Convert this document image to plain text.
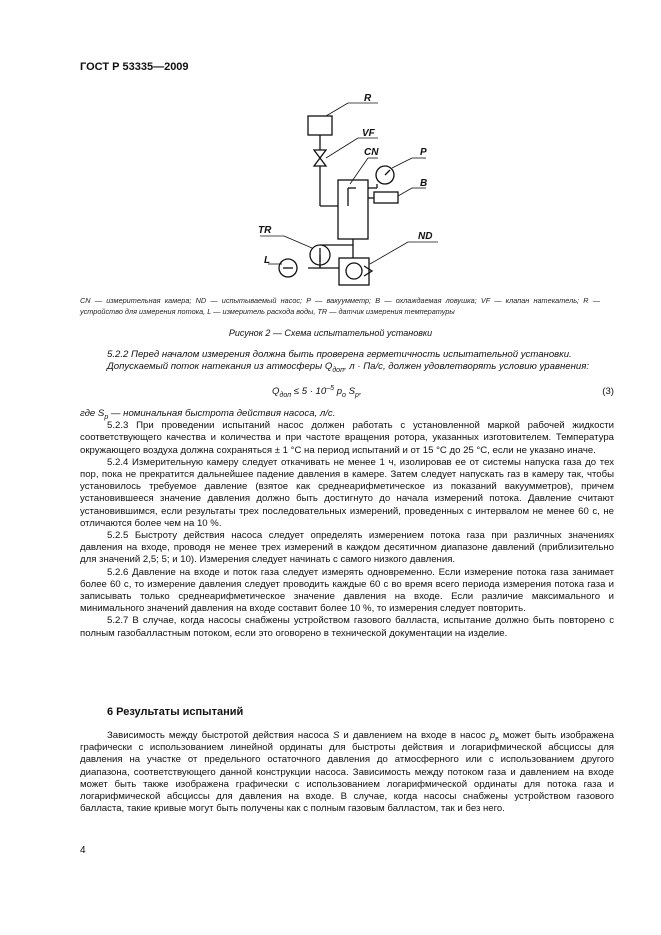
ГОСТ Р 53335—2009
R
VF
CN	P
B
TR
L
ND
CN — измерительная камера; ND — испытываемый насос; P — вакуумметр; B — охлаждаемая ловушка; VF — клапан натекатель; R — устройство для измерения потока, L — измеритель расхода воды, TR — датчик измерения температуры
Рисунок 2 — Схема испытательной установки

5.2.2 Перед началом измерения должна быть проверена герметичность испытательной установки.

Допускаемый поток натекания из атмосферы $Q_{доп}$, л · Па/с, должен удовлетворять условию уравнения:

$Q_{доп} \le 5 \cdot 10^{-5}$ $p_о$ $S_р$,	(3)

где $S_p$ — номинальная быстрота действия насоса, л/с.

5.2.3 При проведении испытаний насос должен работать с установленной маркой рабочей жидкости соответствующего качества и количества и при частоте вращения ротора, указанных изготовителем. Температура окружающего воздуха должна сохраняться ± 1 °С на период испытаний и от 15 °С до 25 °С, если не указано иначе.

5.2.4 Измерительную камеру следует откачивать не менее 1 ч, изолировав ее от системы напуска газа до тех пор, пока не прекратится дальнейшее падение давления в камере. Затем следует напускать газ в камеру так, чтобы установилось требуемое давление (взятое как среднеарифметическое из показаний вакуумметров), причем установившееся значение давления должно быть достигнуто до начала измерений потока. Давление считают установившимся, если результаты трех последовательных измерений, проведенных с интервалом не менее 60 с, не отличаются более чем на 10 %.

5.2.5 Быстроту действия насоса следует определять измерением потока газа при различных значениях давления на входе, проводя не менее трех измерений в каждом десятичном диапазоне давлений (приблизительно для значений 2,5; 5; и 10). Измерения следует начинать с самого низкого давления.

5.2.6 Давление на входе и поток газа следует измерять одновременно. Если измерение потока газа занимает более 60 с, то измерение давления следует проводить каждые 60 с во время всего периода измерения потока газа и записывать только среднеарифметическое значение давления на входе. Если различие максимального и минимального значений давления на входе составит более 10 %, то измерения следует повторить.

5.2.7 В случае, когда насосы снабжены устройством газового балласта, испытание должно быть повторено с полным газобалластным потоком, если это оговорено в технической документации на изделие.

6 Результаты испытаний

Зависимость между быстротой действия насоса S и давлением на входе в насос $p_в$ может быть изображена графически с использованием линейной ординаты для быстроты действия и логарифмической абсциссы для давления на участке от предельного остаточного давления до атмосферного или с использованием другого диапазона, соответствующего данной конструкции насоса. Зависимость между потоком газа и давлением на входе может быть также изображена графически с использованием логарифмической ординаты для потока газа и логарифмической абсциссы для давления на входе. В случае, когда насосы снабжены устройством газового балласта, такие кривые могут быть получены как с полным газовым балластом, так и без него.

4
